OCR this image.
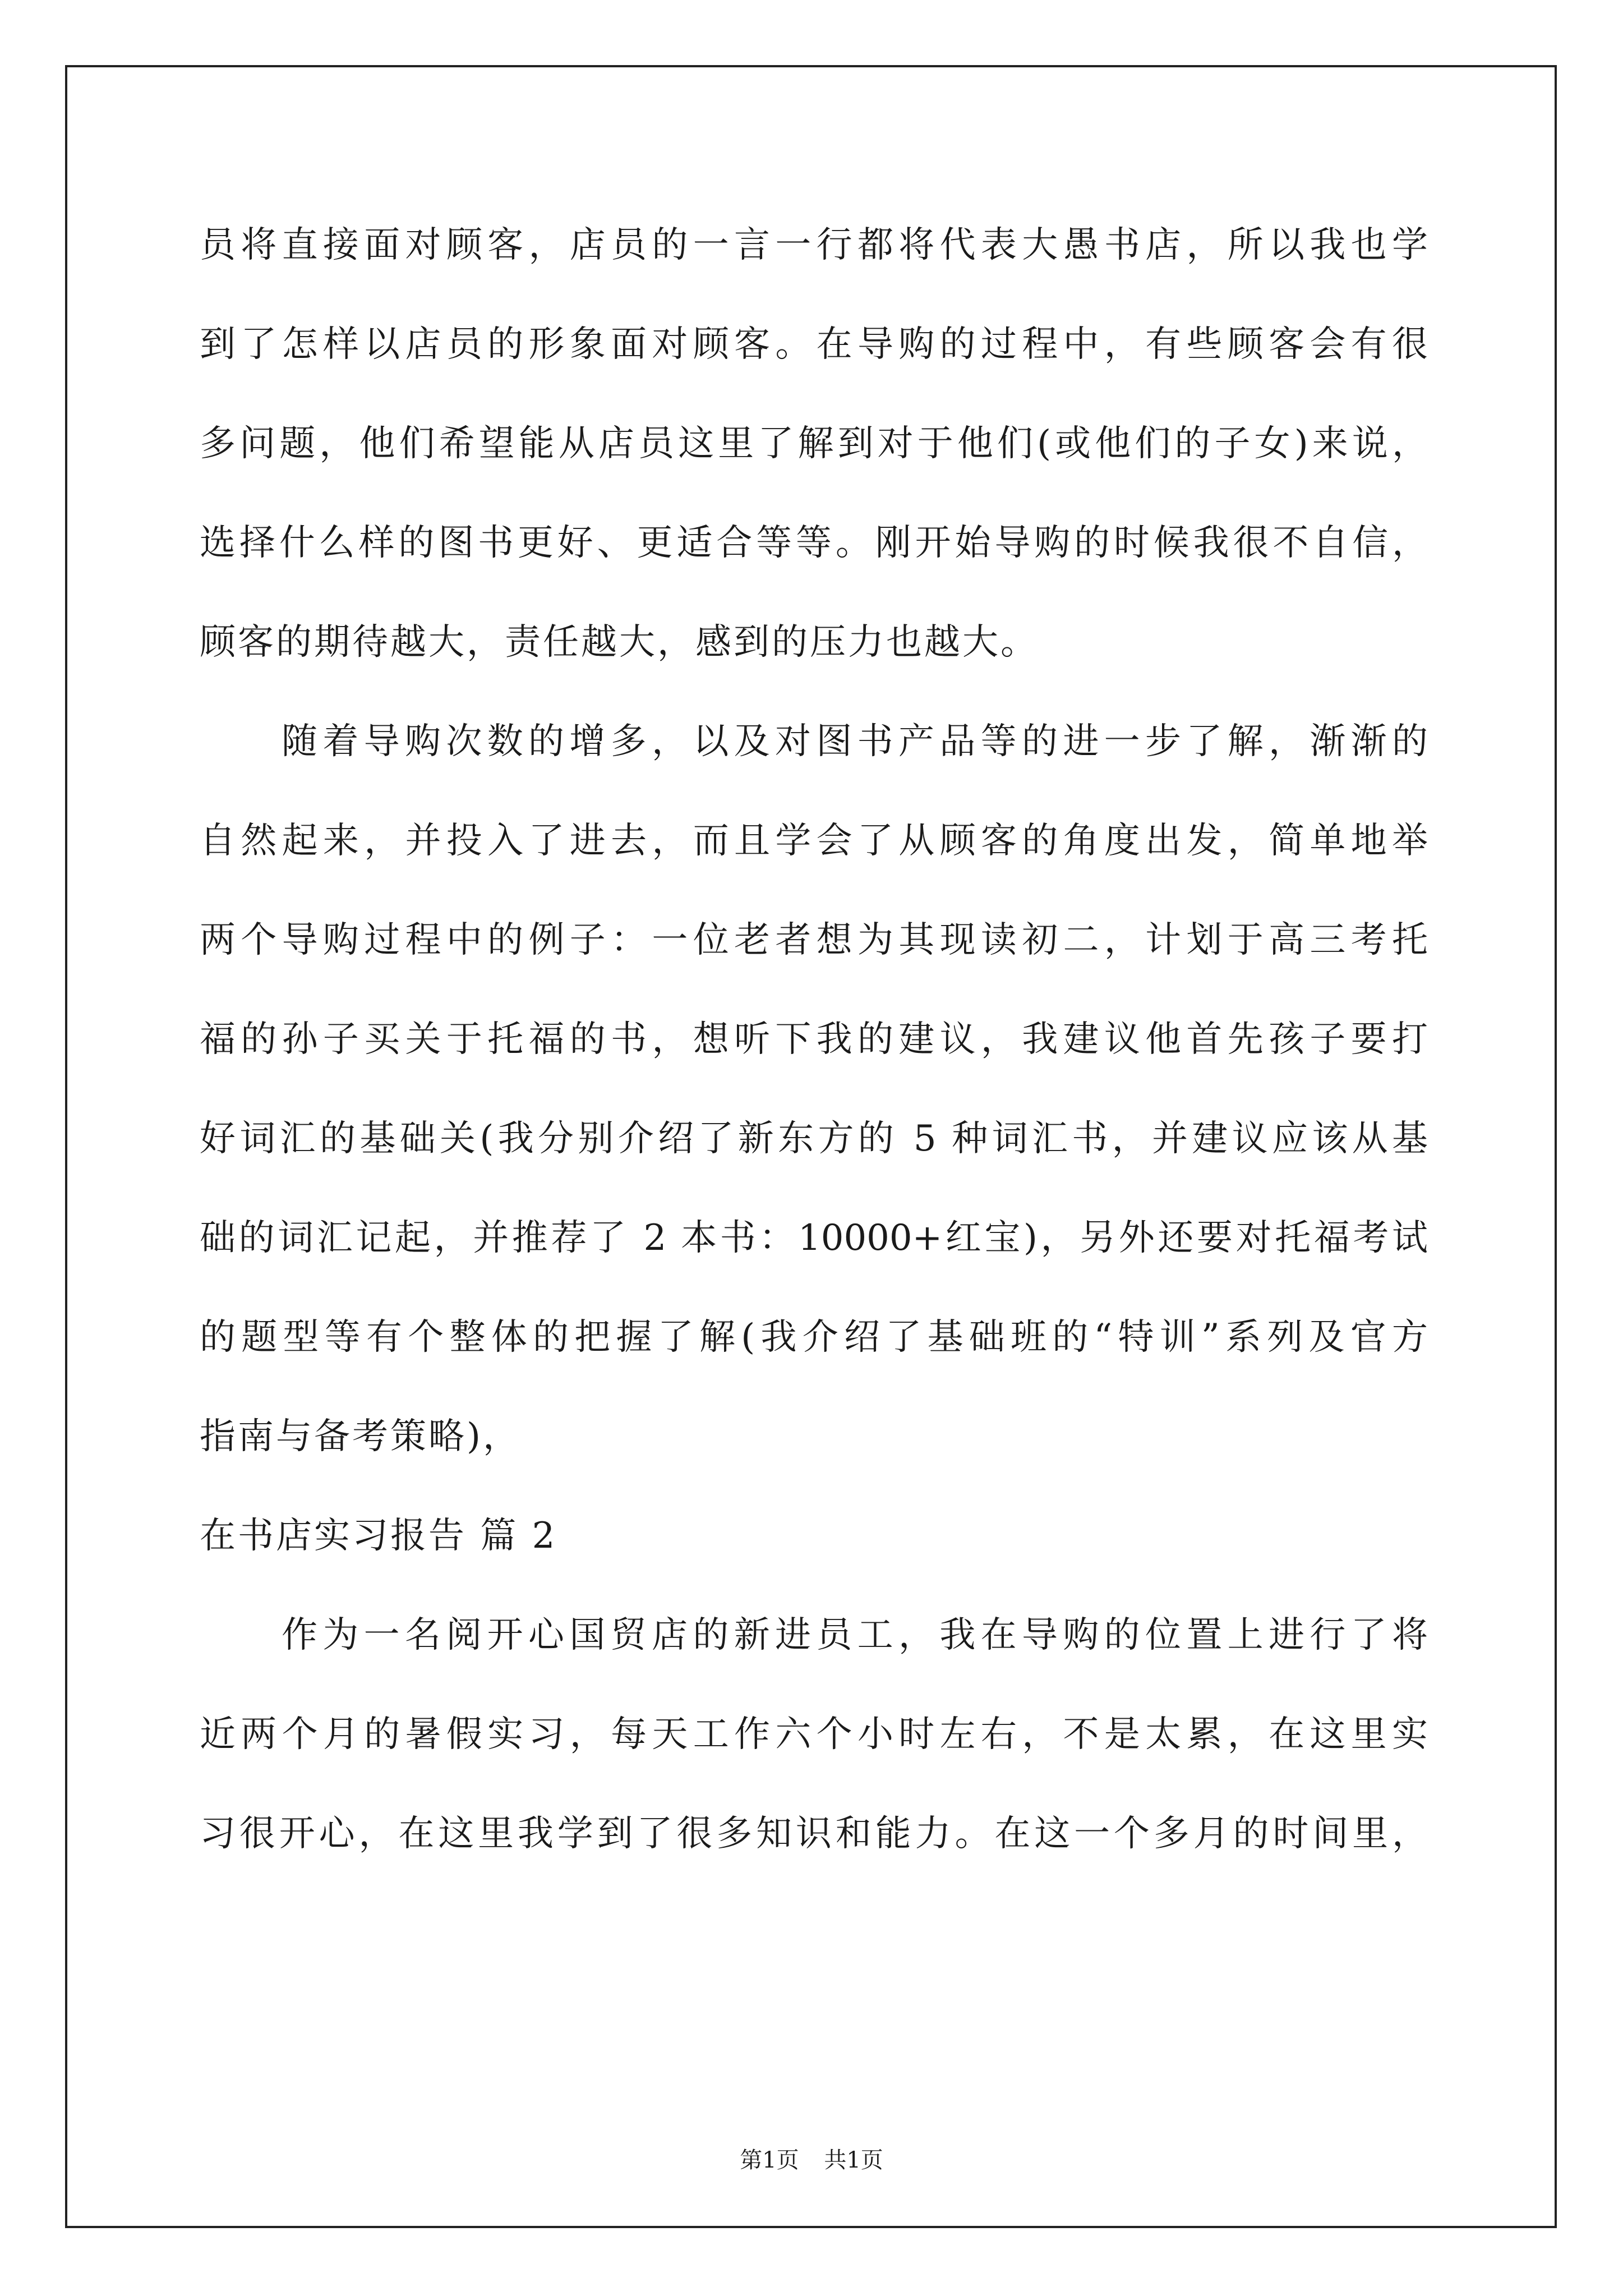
员将直接面对顾客，店员的一言一行都将代表大愚书店，所以我也学
到了怎样以店员的形象面对顾客。在导购的过程中，有些顾客会有很
多问题，他们希望能从店员这里了解到对于他们(或他们的子女)来说，
选择什么样的图书更好、更适合等等。刚开始导购的时候我很不自信，
顾客的期待越大，责任越大，感到的压力也越大。
随着导购次数的增多，以及对图书产品等的进一步了解，渐渐的
自然起来，并投入了进去，而且学会了从顾客的角度出发，简单地举
两个导购过程中的例子：一位老者想为其现读初二，计划于高三考托
福的孙子买关于托福的书，想听下我的建议，我建议他首先孩子要打
好词汇的基础关(我分别介绍了新东方的 5 种词汇书，并建议应该从基
础的词汇记起，并推荐了 2 本书：10000+红宝)，另外还要对托福考试
的题型等有个整体的把握了解(我介绍了基础班的“特训”系列及官方
指南与备考策略)，
在书店实习报告 篇 2
作为一名阅开心国贸店的新进员工，我在导购的位置上进行了将
近两个月的暑假实习，每天工作六个小时左右，不是太累，在这里实
习很开心，在这里我学到了很多知识和能力。在这一个多月的时间里，
第1页 共1页
